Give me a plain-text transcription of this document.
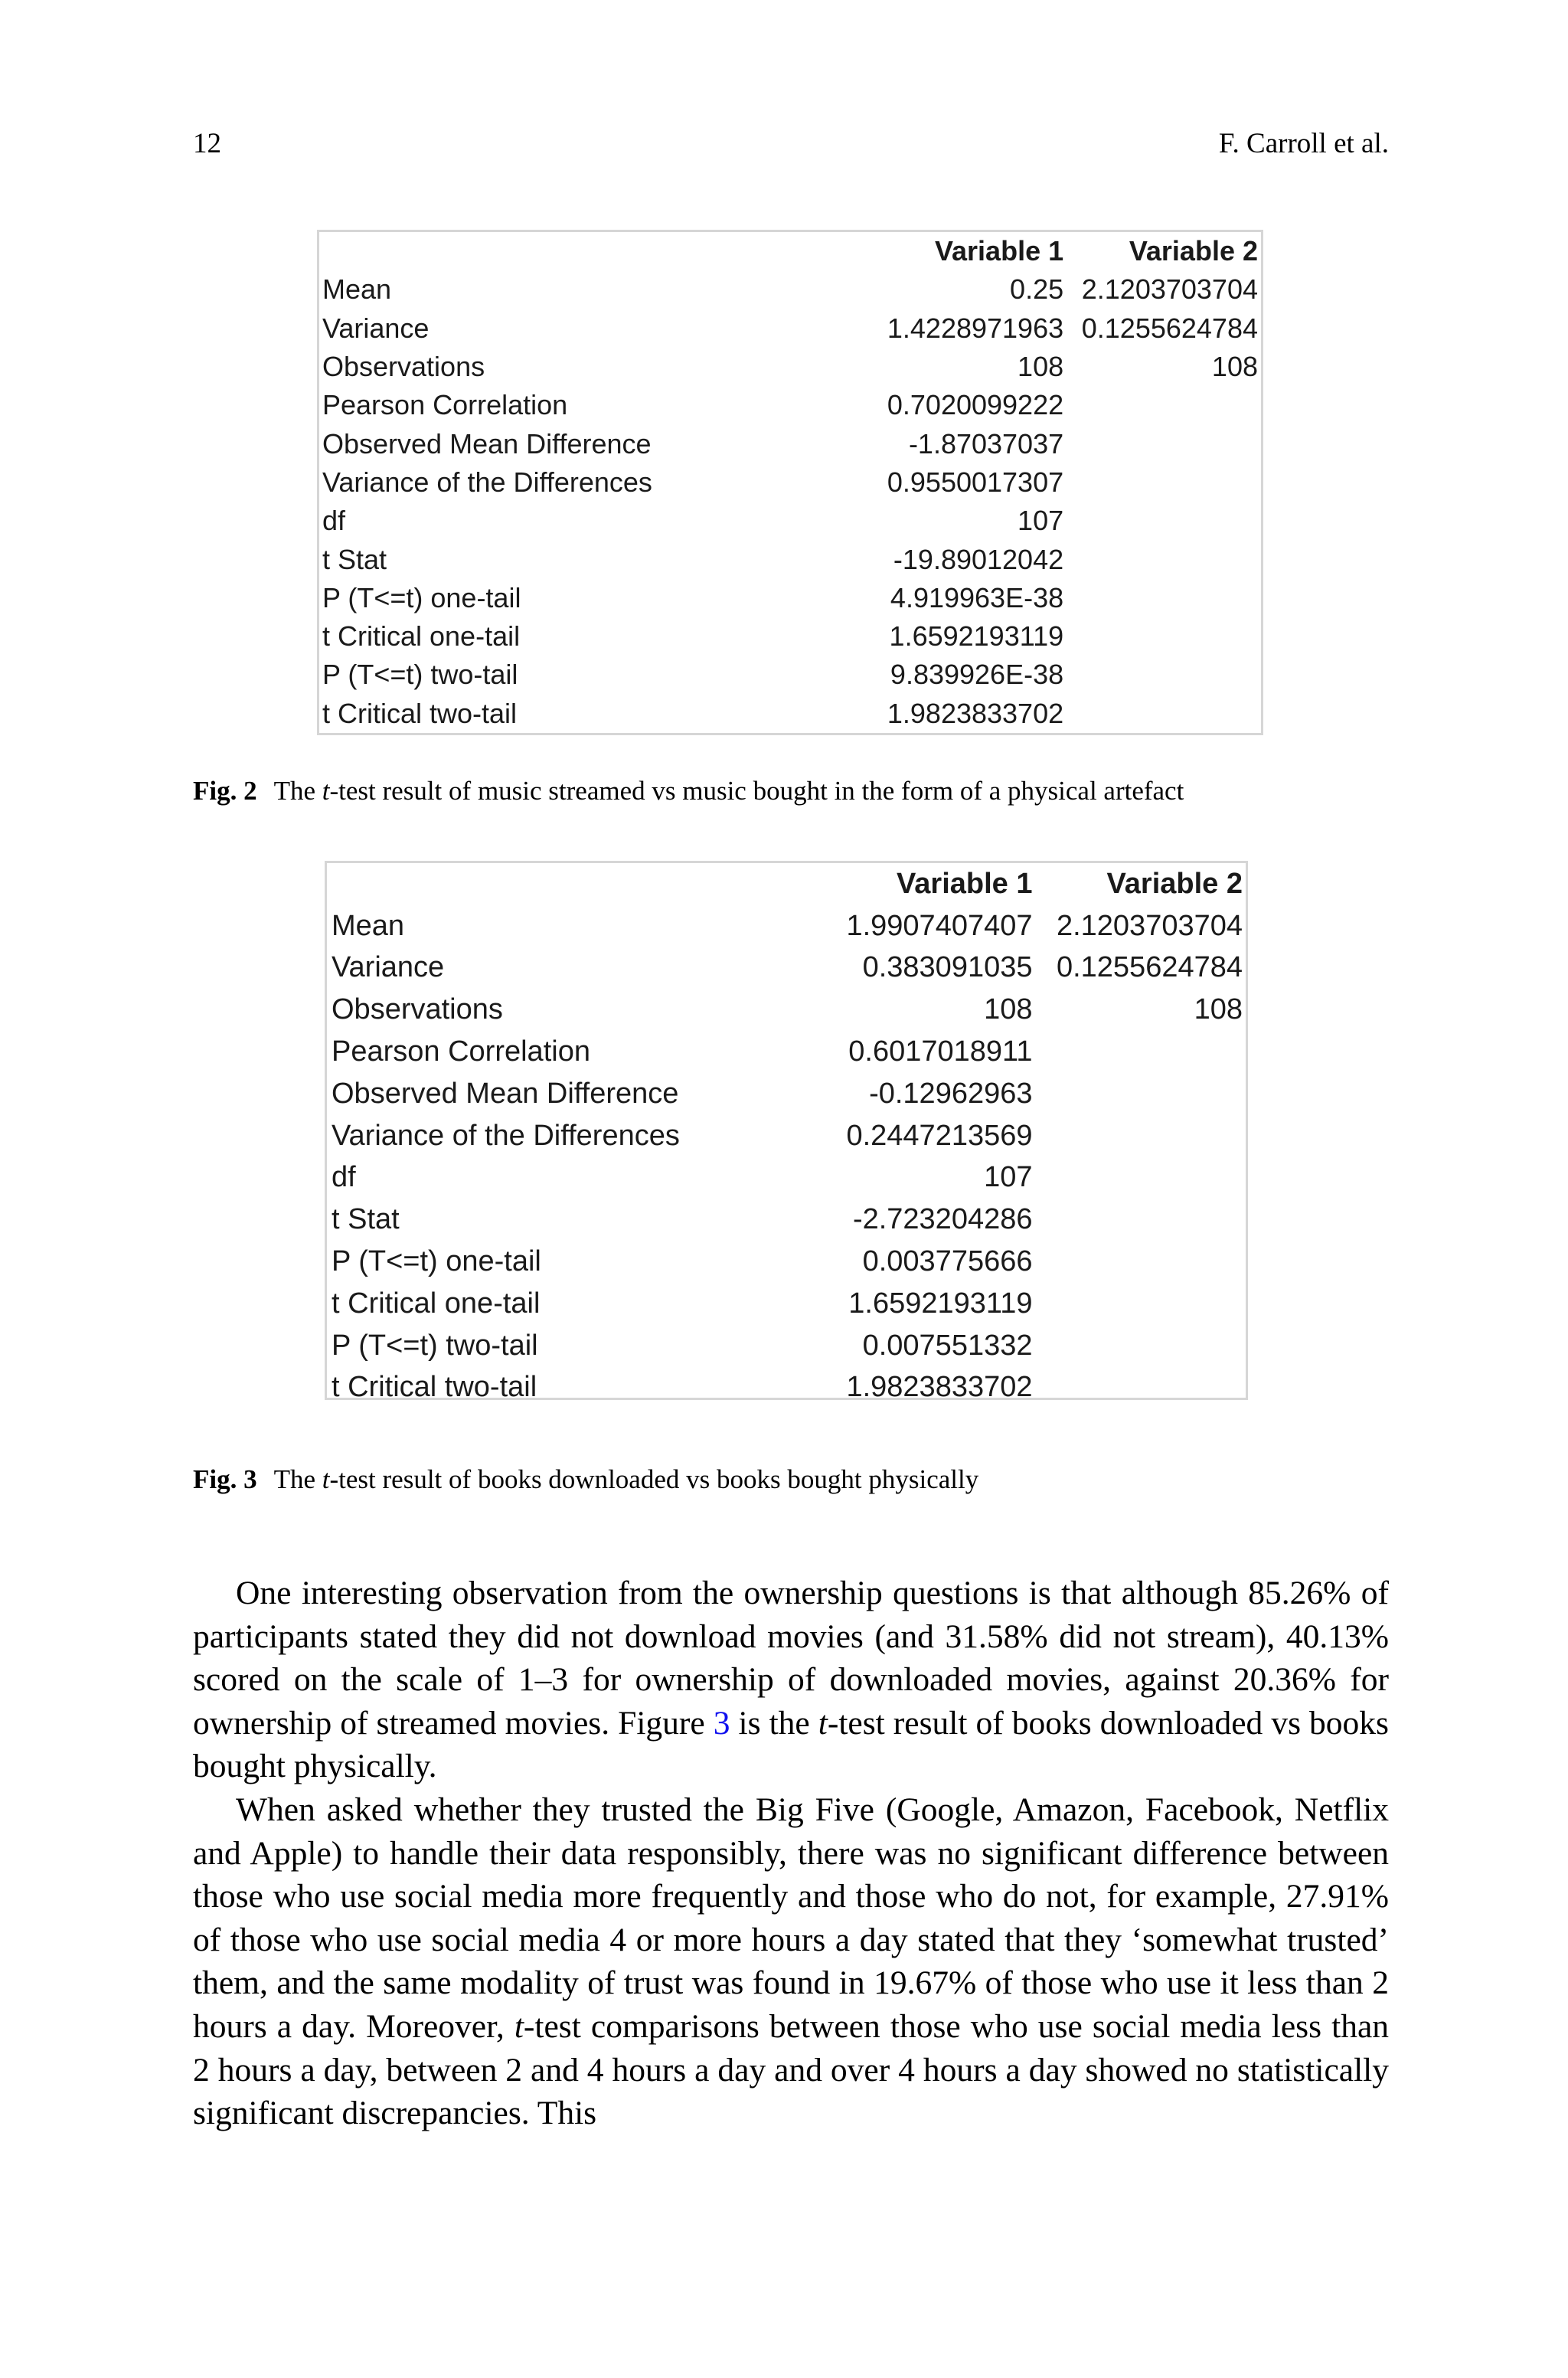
12	F. Carroll et al.
	Variable 1	Variable 2
Mean	0.25	2.1203703704
Variance	1.4228971963	0.1255624784
Observations	108	108
Pearson Correlation	0.7020099222	
Observed Mean Difference	-1.87037037	
Variance of the Differences	0.9550017307	
df	107	
t Stat	-19.89012042	
P (T<=t) one-tail	4.919963E-38	
t Critical one-tail	1.6592193119	
P (T<=t) two-tail	9.839926E-38	
t Critical two-tail	1.9823833702	
Fig. 2 The t-test result of music streamed vs music bought in the form of a physical artefact
	Variable 1	Variable 2
Mean	1.9907407407	2.1203703704
Variance	0.383091035	0.1255624784
Observations	108	108
Pearson Correlation	0.6017018911	
Observed Mean Difference	-0.12962963	
Variance of the Differences	0.2447213569	
df	107	
t Stat	-2.723204286	
P (T<=t) one-tail	0.003775666	
t Critical one-tail	1.6592193119	
P (T<=t) two-tail	0.007551332	
t Critical two-tail	1.9823833702	
Fig. 3 The t-test result of books downloaded vs books bought physically

One interesting observation from the ownership questions is that although 85.26% of participants stated they did not download movies (and 31.58% did not stream), 40.13% scored on the scale of 1–3 for ownership of downloaded movies, against 20.36% for ownership of streamed movies. Figure 3 is the t-test result of books downloaded vs books bought physically.

When asked whether they trusted the Big Five (Google, Amazon, Facebook, Netflix and Apple) to handle their data responsibly, there was no significant difference between those who use social media more frequently and those who do not, for example, 27.91% of those who use social media 4 or more hours a day stated that they ‘somewhat trusted’ them, and the same modality of trust was found in 19.67% of those who use it less than 2 hours a day. Moreover, t-test comparisons between those who use social media less than 2 hours a day, between 2 and 4 hours a day and over 4 hours a day showed no statistically significant discrepancies. This
